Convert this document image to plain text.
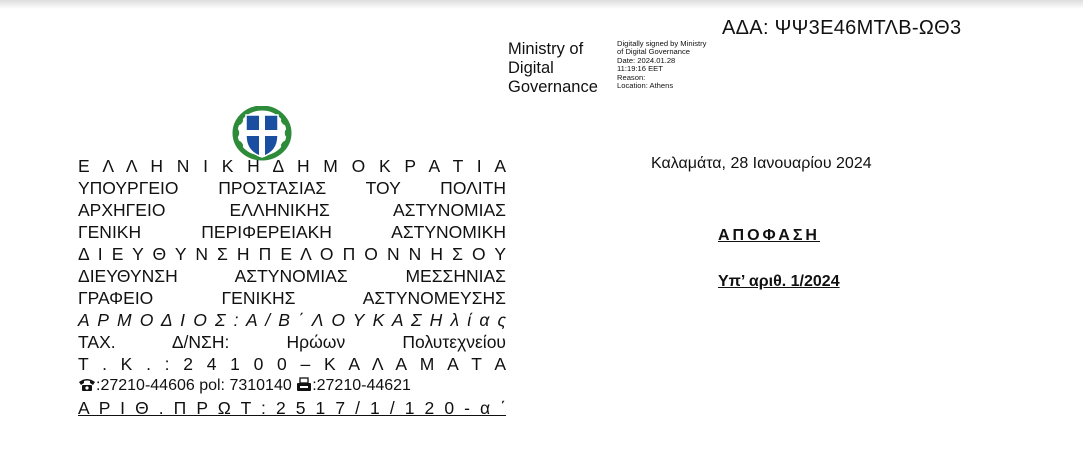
ΑΔΑ: ΨΨ3Ε46ΜΤΛΒ-ΩΘ3
Ministry of
Digital
Governance
Digitally signed by Ministry
of Digital Governance
Date: 2024.01.28
11:19:16 EET
Reason:
Location: Athens
Ε Λ Λ Η Ν Ι Κ Η Δ Η Μ Ο Κ Ρ Α Τ Ι Α
ΥΠΟΥΡΓΕΙΟ ΠΡΟΣΤΑΣΙΑΣ ΤΟΥ ΠΟΛΙΤΗ
ΑΡΧΗΓΕΙΟ ΕΛΛΗΝΙΚΗΣ ΑΣΤΥΝΟΜΙΑΣ
ΓΕΝΙΚΗ ΠΕΡΙΦΕΡΕΙΑΚΗ ΑΣΤΥΝΟΜΙΚΗ
Δ Ι Ε Υ Θ Υ Ν Σ Η Π Ε Λ Ο Π Ο Ν Ν Η Σ Ο Υ
ΔΙΕΥΘΥΝΣΗ ΑΣΤΥΝΟΜΙΑΣ ΜΕΣΣΗΝΙΑΣ
ΓΡΑΦΕΙΟ ΓΕΝΙΚΗΣ ΑΣΤΥΝΟΜΕΥΣΗΣ
Α Ρ Μ Ο Δ Ι Ο Σ : Α / Β ΄ Λ Ο Υ Κ Α Σ Η λ ί α ς
ΤΑΧ. Δ/ΝΣΗ: Ηρώων Πολυτεχνείου
Τ . Κ . : 2 4 1 0 0 – Κ Α Λ Α Μ Α Τ Α
:27210-44606 pol: 7310140 :27210-44621
Α Ρ Ι Θ . Π Ρ Ω Τ : 2 5 1 7 / 1 / 1 2 0 - α ΄
Καλαμάτα, 28 Ιανουαρίου 2024
ΑΠΟΦΑΣΗ
Υπ’ αριθ. 1/2024
